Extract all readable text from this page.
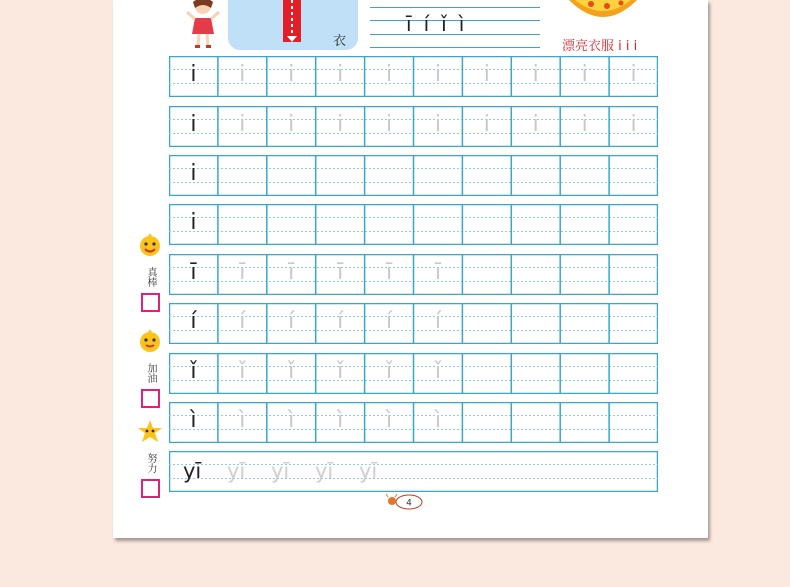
衣
īíǐì
漂亮衣服 i i i
i	i	i	i	i	i	i	i	i	i
i	i	i	i	i	i	i	i	i	i
i
i
ī	ī	ī	ī	ī	ī
í	í	í	í	í	í
ǐ	ǐ	ǐ	ǐ	ǐ	ǐ
ì	ì	ì	ì	ì	ì
yī yī yī yī yī
真棒
加油
努力
4
